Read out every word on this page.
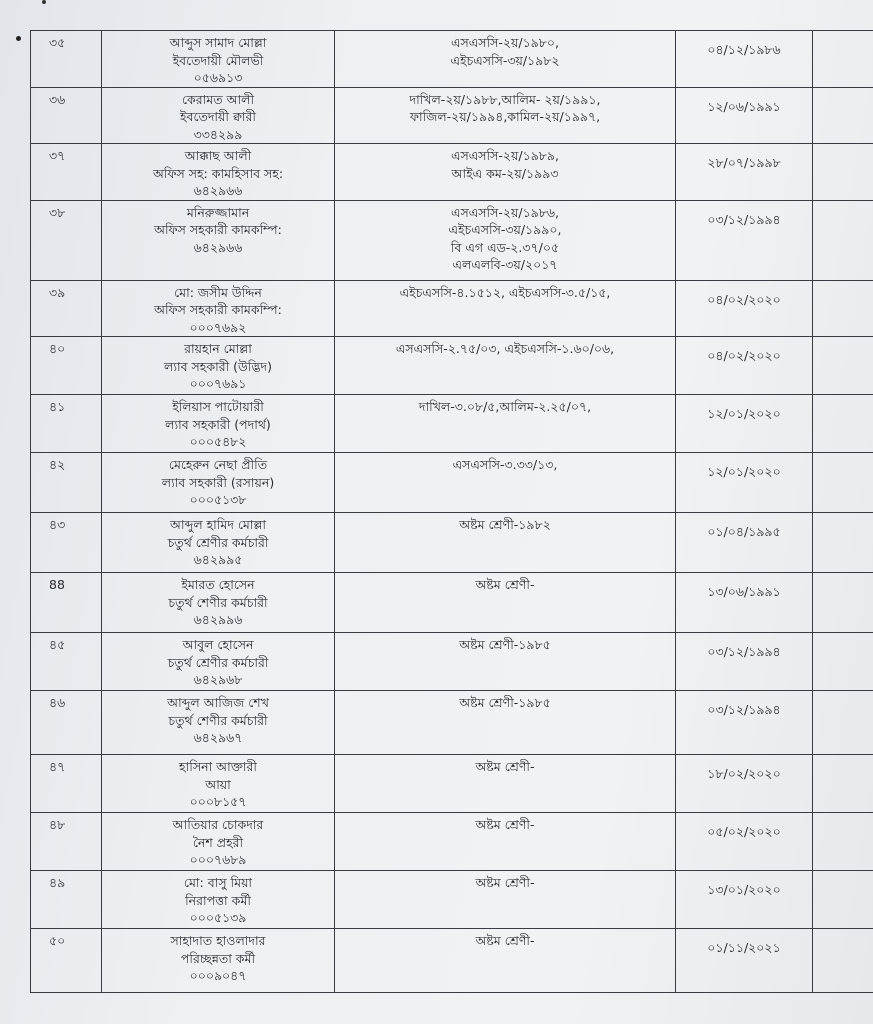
৩৫	আব্দুস সামাদ মোল্লা
ইবতেদায়ী মৌলভী
০৫৬৯১৩	এসএসসি-২য়/১৯৮০,
এইচএসসি-৩য়/১৯৮২	০৪/১২/১৯৮৬	
৩৬	কেরামত আলী
ইবতেদায়ী ক্বারী
৩৩৪২৯৯	দাখিল-২য়/১৯৮৮,আলিম- ২য়/১৯৯১,
ফাজিল-২য়/১৯৯৪,কামিল-২য়/১৯৯৭,	১২/০৬/১৯৯১	
৩৭	আক্কাছ আলী
অফিস সহ: কামহিসাব সহ:
৬৪২৯৬৬	এসএসসি-২য়/১৯৮৯,
আইএ কম-২য়/১৯৯৩	২৮/০৭/১৯৯৮	
৩৮	মনিরুজ্জামান
অফিস সহকারী কামকম্পি:
৬৪২৯৬৬	এসএসসি-২য়/১৯৮৬,
এইচএসসি-৩য়/১৯৯০,
বি এগ এড-২.৩৭/০৫
এলএলবি-৩য়/২০১৭	০৩/১২/১৯৯৪	
৩৯	মো: জসীম উদ্দিন
অফিস সহকারী কামকম্পি:
০০০৭৬৯২	এইচএসসি-৪.১৫১২, এইচএসসি-৩.৫/১৫,	০৪/০২/২০২০	
৪০	রায়হান মোল্লা
ল্যাব সহকারী (উদ্ভিদ)
০০০৭৬৯১	এসএসসি-২.৭৫/০৩, এইচএসসি-১.৬০/০৬,	০৪/০২/২০২০	
৪১	ইলিয়াস পাটোয়ারী
ল্যাব সহকারী (পদার্থ)
০০০৫৪৮২	দাখিল-৩.০৮/৫,আলিম-২.২৫/০৭,	১২/০১/২০২০	
৪২	মেহেরুন নেছা প্রীতি
ল্যাব সহকারী (রসায়ন)
০০০৫১৩৮	এসএসসি-৩.৩৩/১৩,	১২/০১/২০২০	
৪৩	আব্দুল হামিদ মোল্লা
চতুর্থ শ্রেণীর কর্মচারী
৬৪২৯৯৫	অষ্টম শ্রেণী-১৯৮২	০১/০৪/১৯৯৫	
88	ইমারত হোসেন
চতুর্থ শেণীর কর্মচারী
৬৪২৯৯৬	অষ্টম শ্রেণী-	১৩/০৬/১৯৯১	
৪৫	আবুল হোসেন
চতুর্থ শ্রেণীর কর্মচারী
৬৪২৯৬৮	অষ্টম শ্রেণী-১৯৮৫	০৩/১২/১৯৯৪	
৪৬	আব্দুল আজিজ শেখ
চতুর্থ শেণীর কর্মচারী
৬৪২৯৬৭	অষ্টম শ্রেণী-১৯৮৫	০৩/১২/১৯৯৪	
৪৭	হাসিনা আক্তারী
আয়া
০০০৮১৫৭	অষ্টম শ্রেণী-	১৮/০২/২০২০	
৪৮	আতিয়ার চোকদার
নৈশ প্রহরী
০০০৭৬৮৯	অষ্টম শ্রেণী-	০৫/০২/২০২০	
৪৯	মো: বাসু মিয়া
নিরাপত্তা কর্মী
০০০৫১৩৯	অষ্টম শ্রেণী-	১৩/০১/২০২০	
৫০	সাহাদাত হাওলাদার
পরিচ্ছন্নতা কর্মী
০০০৯০৪৭	অষ্টম শ্রেণী-	০১/১১/২০২১	
